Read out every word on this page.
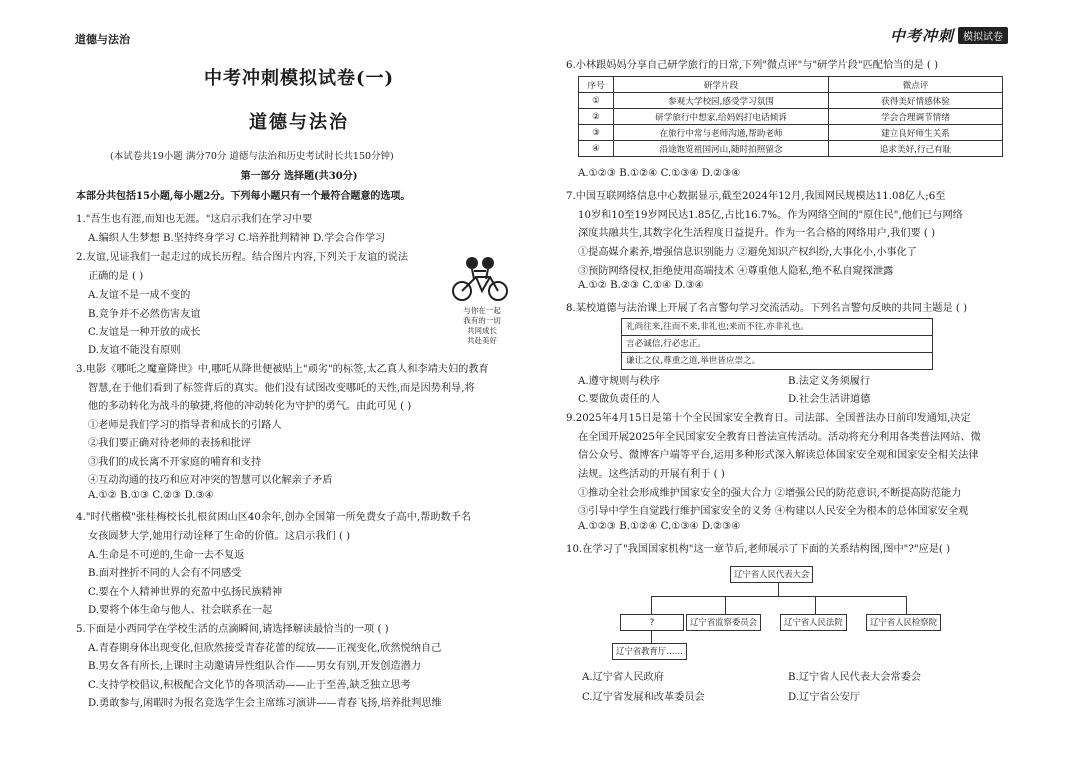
道德与法治	中考冲刺 模拟试卷
中考冲刺模拟试卷(一)
道德与法治
(本试卷共19小题 满分70分 道德与法治和历史考试时长共150分钟)
第一部分 选择题(共30分)
本部分共包括15小题,每小题2分。下列每小题只有一个最符合题意的选项。
1."吾生也有涯,而知也无涯。"这启示我们在学习中要
A.编织人生梦想 B.坚持终身学习 C.培养批判精神 D.学会合作学习
2.友谊,见证我们一起走过的成长历程。结合图片内容,下列关于友谊的说法
正确的是 ( )
A.友谊不是一成不变的
B.竞争并不必然伤害友谊
C.友谊是一种开放的成长
D.友谊不能没有原则
3.电影《哪吒之魔童降世》中,哪吒从降世便被贴上"顽劣"的标签,太乙真人和李靖夫妇的教育
智慧,在于他们看到了标签背后的真实。他们没有试图改变哪吒的天性,而是因势利导,将
他的多动转化为战斗的敏捷,将他的冲动转化为守护的勇气。由此可见 ( )
①老师是我们学习的指导者和成长的引路人
②我们要正确对待老师的表扬和批评
③我们的成长离不开家庭的哺育和支持
④互动沟通的技巧和应对冲突的智慧可以化解亲子矛盾
A.①② B.①③ C.②③ D.③④
4."时代楷模"张桂梅校长扎根贫困山区40余年,创办全国第一所免费女子高中,帮助数千名
女孩圆梦大学,她用行动诠释了生命的价值。这启示我们 ( )
A.生命是不可逆的,生命一去不复返
B.面对挫折不同的人会有不同感受
C.要在个人精神世界的充盈中弘扬民族精神
D.要将个体生命与他人、社会联系在一起
5.下面是小西同学在学校生活的点滴瞬间,请选择解读最恰当的一项 ( )
A.青春期身体出现变化,但欣然接受青春花蕾的绽放——正视变化,欣然悦纳自己
B.男女各有所长,上课时主动邀请异性组队合作——男女有别,开发创造潜力
C.支持学校倡议,积极配合文化节的各项活动——止于至善,缺乏独立思考
D.勇敢参与,闲暇时为报名竞选学生会主席练习演讲——青春飞扬,培养批判思维
与你在一起
我有的一切
共同成长
共赴美好
6.小林跟妈妈分享自己研学旅行的日常,下列"微点评"与"研学片段"匹配恰当的是 ( )
序号	研学片段	微点评
①	参观大学校园,感受学习氛围	获得美好情感体验
②	研学旅行中想家,给妈妈打电话倾诉	学会合理调节情绪
③	在旅行中常与老师沟通,帮助老师	建立良好师生关系
④	沿途饱览祖国河山,随时拍照留念	追求美好,行己有耻
A.①②③ B.①②④ C.①③④ D.②③④
7.中国互联网络信息中心数据显示,截至2024年12月,我国网民规模达11.08亿人;6至
10岁和10至19岁网民达1.85亿,占比16.7%。作为网络空间的"原住民",他们已与网络
深度共融共生,其数字化生活程度日益提升。作为一名合格的网络用户,我们要 ( )
①提高媒介素养,增强信息识别能力 ②避免知识产权纠纷,大事化小,小事化了
③预防网络侵权,拒绝使用高端技术 ④尊重他人隐私,绝不私自窥探泄露
A.①② B.②③ C.①④ D.③④
8.某校道德与法治课上开展了名言警句学习交流活动。下列名言警句反映的共同主题是 ( )
礼尚往来,往而不来,非礼也;来而不往,亦非礼也。
言必诚信,行必忠正。
谦让之仪,尊重之道,举世皆应崇之。
A.遵守规则与秩序	B.法定义务须履行
C.要做负责任的人	D.社会生活讲道德
9.2025年4月15日是第十个全民国家安全教育日。司法部、全国普法办日前印发通知,决定
在全国开展2025年全民国家安全教育日普法宣传活动。活动将充分利用各类普法网站、微
信公众号、微博客户端等平台,运用多种形式深入解读总体国家安全观和国家安全相关法律
法规。这些活动的开展有利于 ( )
①推动全社会形成维护国家安全的强大合力 ②增强公民的防范意识,不断提高防范能力
③引导中学生自觉践行维护国家安全的义务 ④构建以人民安全为根本的总体国家安全观
A.①②③ B.①②④ C.①③④ D.②③④
10.在学习了"我国国家机构"这一章节后,老师展示了下面的关系结构图,图中"?"应是( )
辽宁省人民代表大会
?	辽宁省监察委员会	辽宁省人民法院	辽宁省人民检察院
辽宁省教育厅……
A.辽宁省人民政府	B.辽宁省人民代表大会常委会
C.辽宁省发展和改革委员会	D.辽宁省公安厅
